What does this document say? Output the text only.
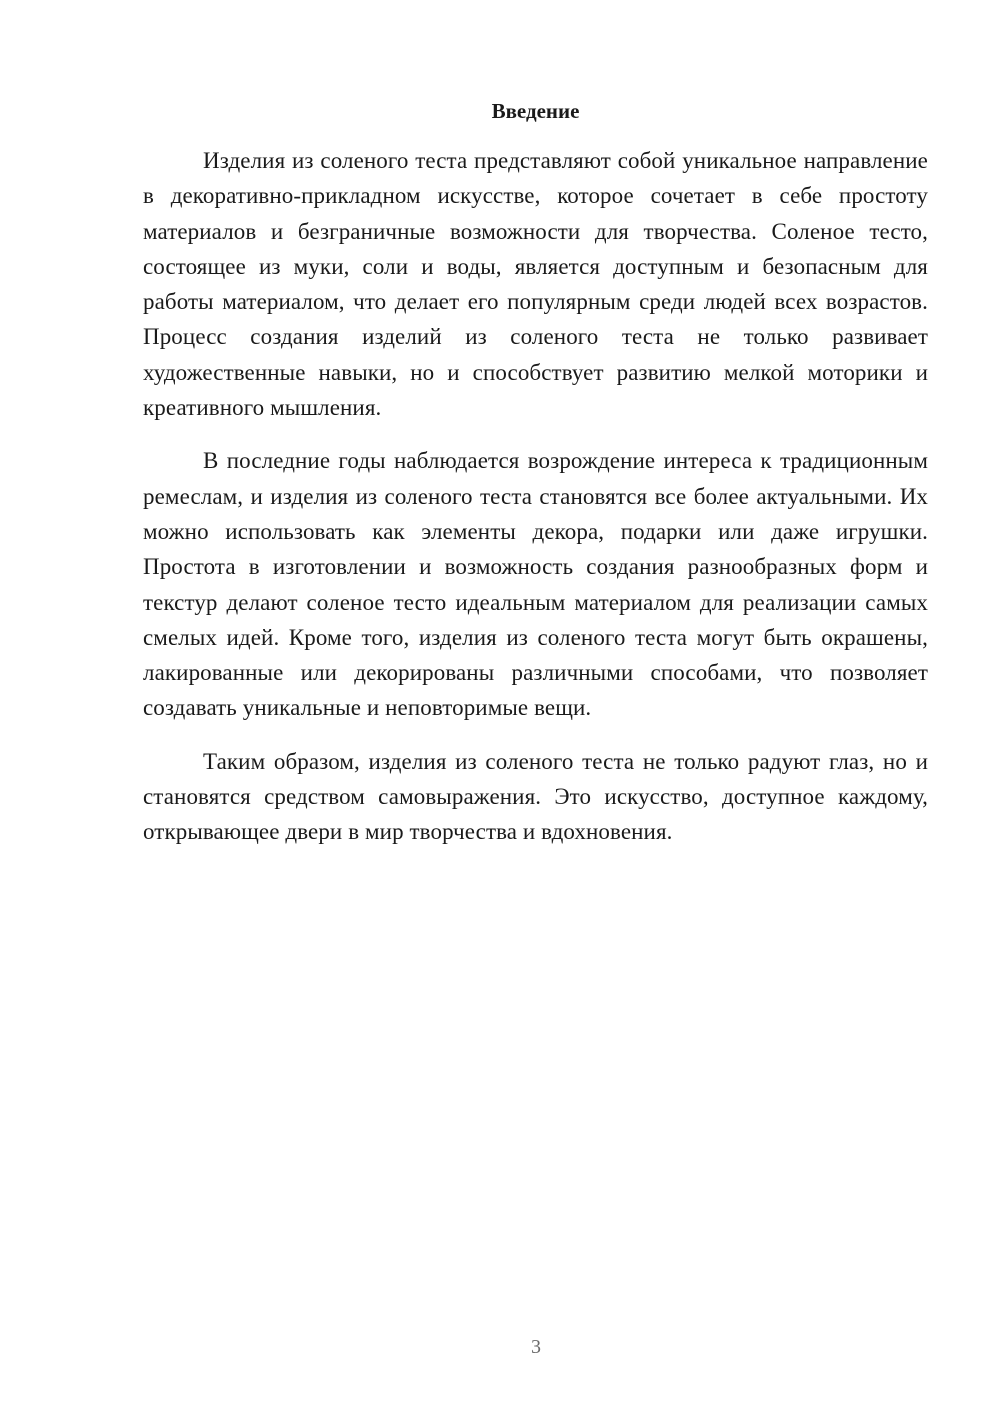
Введение

Изделия из соленого теста представляют собой уникальное направление в декоративно-прикладном искусстве, которое сочетает в себе простоту материалов и безграничные возможности для творчества. Соленое тесто, состоящее из муки, соли и воды, является доступным и безопасным для работы материалом, что делает его популярным среди людей всех возрастов. Процесс создания изделий из соленого теста не только развивает художественные навыки, но и способствует развитию мелкой моторики и креативного мышления.

В последние годы наблюдается возрождение интереса к традиционным ремеслам, и изделия из соленого теста становятся все более актуальными. Их можно использовать как элементы декора, подарки или даже игрушки. Простота в изготовлении и возможность создания разнообразных форм и текстур делают соленое тесто идеальным материалом для реализации самых смелых идей. Кроме того, изделия из соленого теста могут быть окрашены, лакированные или декорированы различными способами, что позволяет создавать уникальные и неповторимые вещи.

Таким образом, изделия из соленого теста не только радуют глаз, но и становятся средством самовыражения. Это искусство, доступное каждому, открывающее двери в мир творчества и вдохновения.

3
